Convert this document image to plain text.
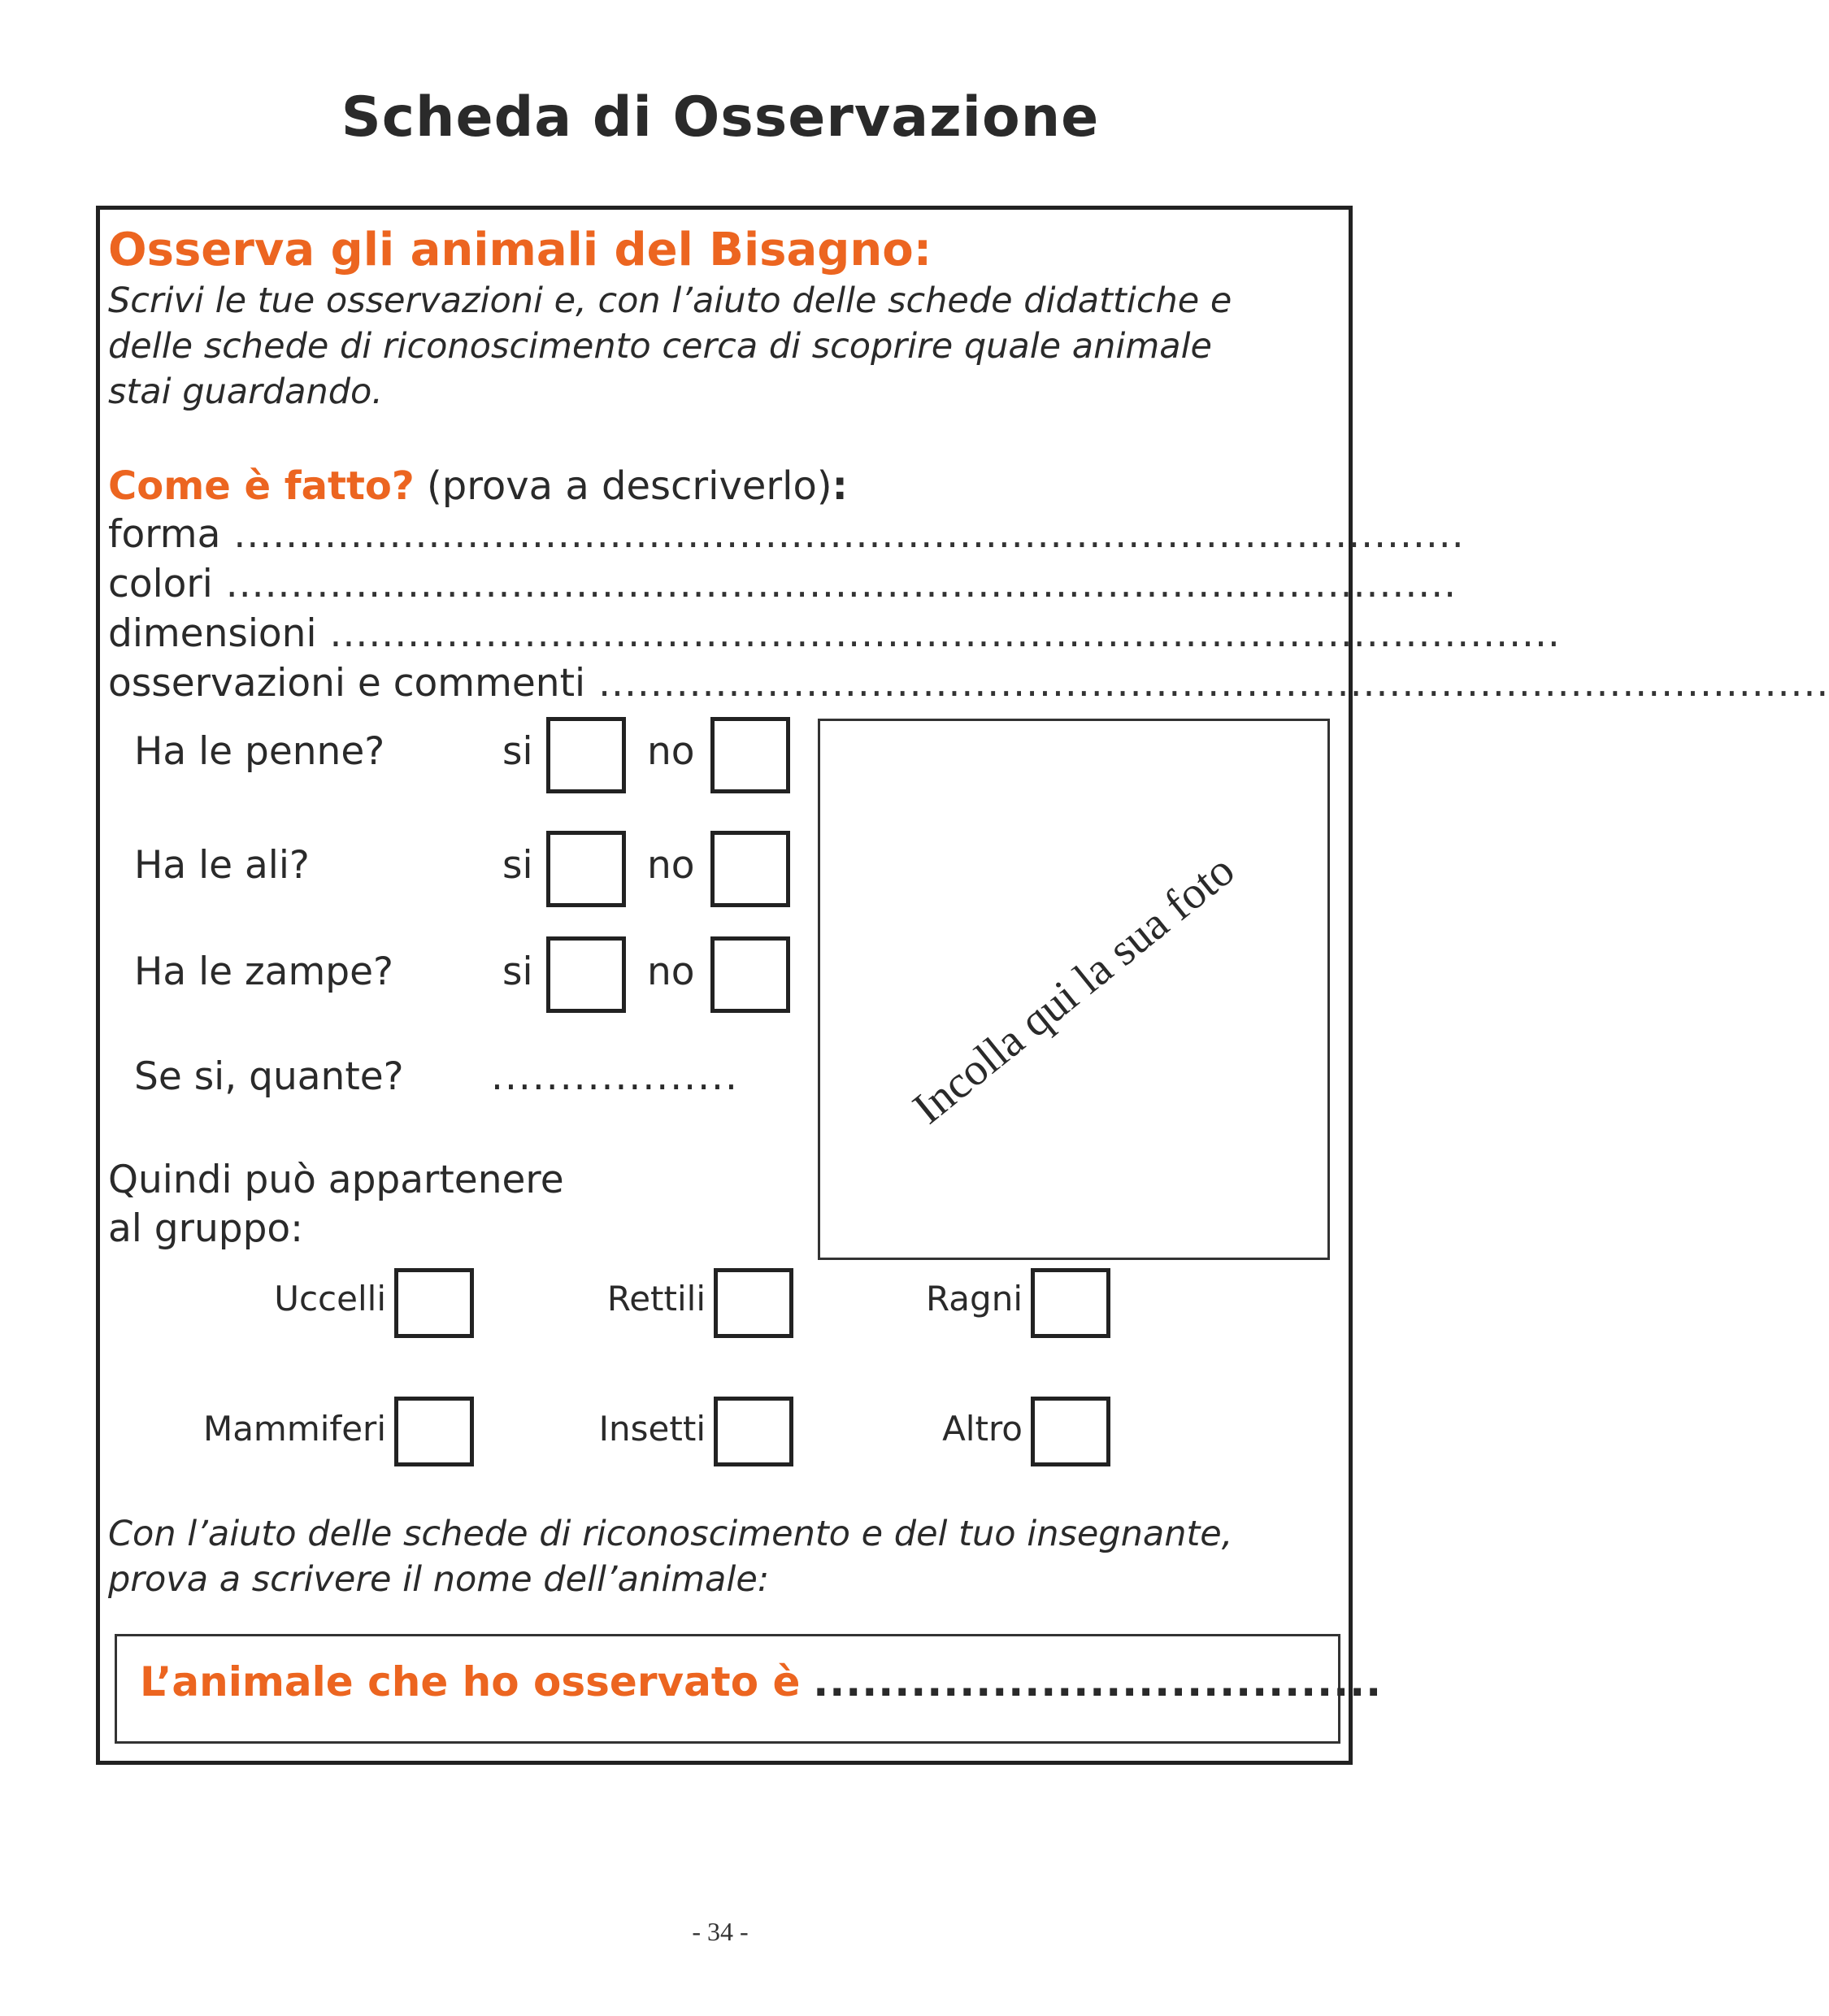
Scheda di Osservazione
Osserva gli animali del Bisagno:
Scrivi le tue osservazioni e, con l’aiuto delle schede didattiche e
delle schede di riconoscimento cerca di scoprire quale animale
stai guardando.
Come è fatto? (prova a descriverlo):
forma ...............................................................................................
colori ...............................................................................................
dimensioni ...............................................................................................
osservazioni e commenti ...............................................................................................
Ha le penne?	si	no
Ha le ali?	si	no
Ha le zampe?	si	no
Se si, quante? ..................	Incolla qui la sua foto
Quindi può appartenere
al gruppo:
Uccelli	Rettili	Ragni
Mammiferi	Insetti	Altro
Con l’aiuto delle schede di riconoscimento e del tuo insegnante,
prova a scrivere il nome dell’animale:
L’animale che ho osservato è ...................................
- 34 -
